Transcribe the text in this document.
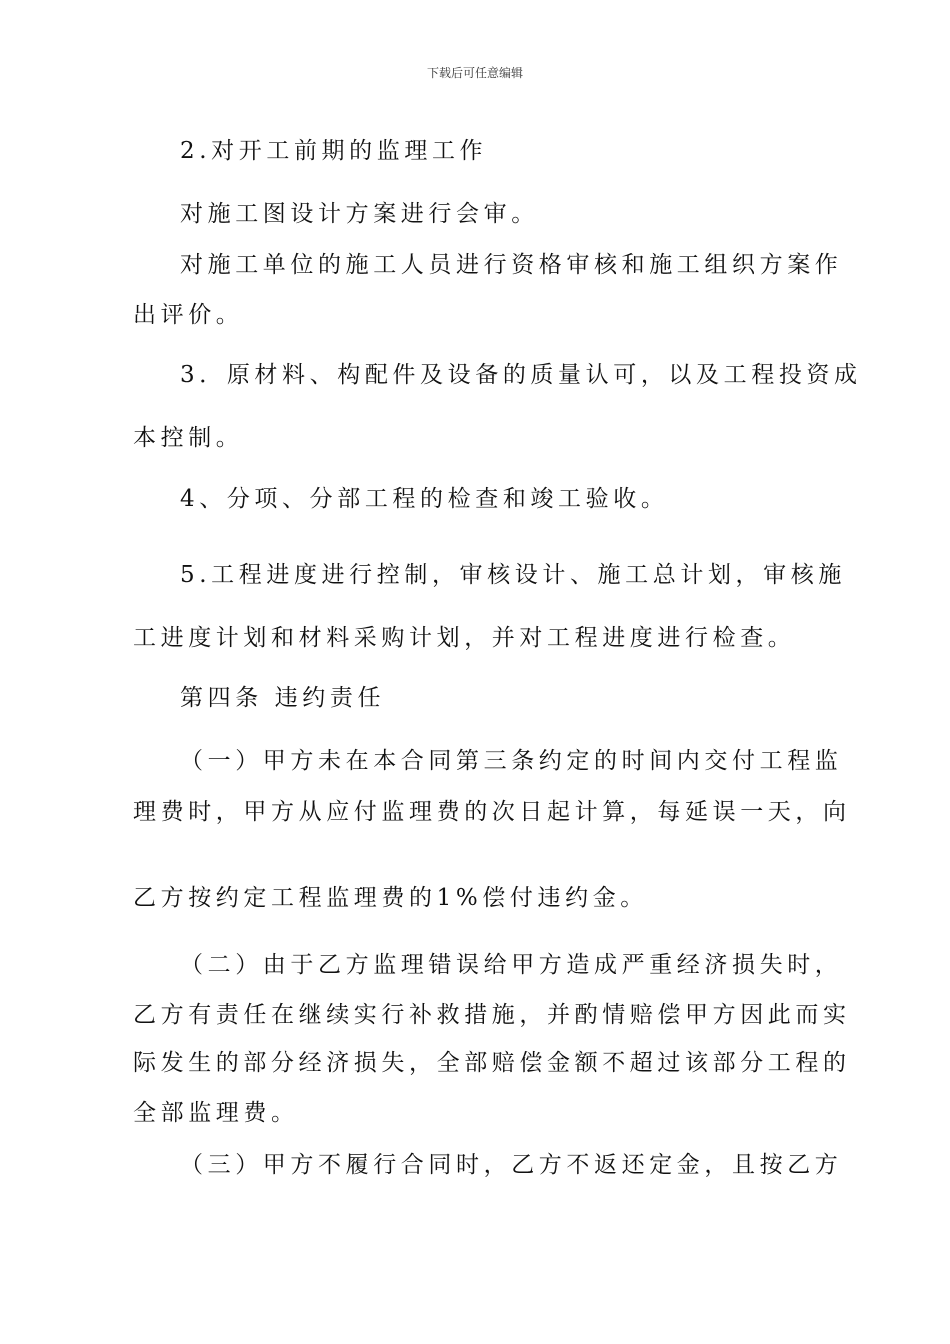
下载后可任意编辑
2.对开工前期的监理工作
对施工图设计方案进行会审。
对施工单位的施工人员进行资格审核和施工组织方案作
出评价。
3．原材料、构配件及设备的质量认可，以及工程投资成
本控制。
4、分项、分部工程的检查和竣工验收。
5.工程进度进行控制，审核设计、施工总计划，审核施
工进度计划和材料采购计划，并对工程进度进行检查。
第四条 违约责任
（一）甲方未在本合同第三条约定的时间内交付工程监
理费时，甲方从应付监理费的次日起计算，每延误一天，向
乙方按约定工程监理费的1%偿付违约金。
（二）由于乙方监理错误给甲方造成严重经济损失时，
乙方有责任在继续实行补救措施，并酌情赔偿甲方因此而实
际发生的部分经济损失，全部赔偿金额不超过该部分工程的
全部监理费。
（三）甲方不履行合同时，乙方不返还定金，且按乙方
